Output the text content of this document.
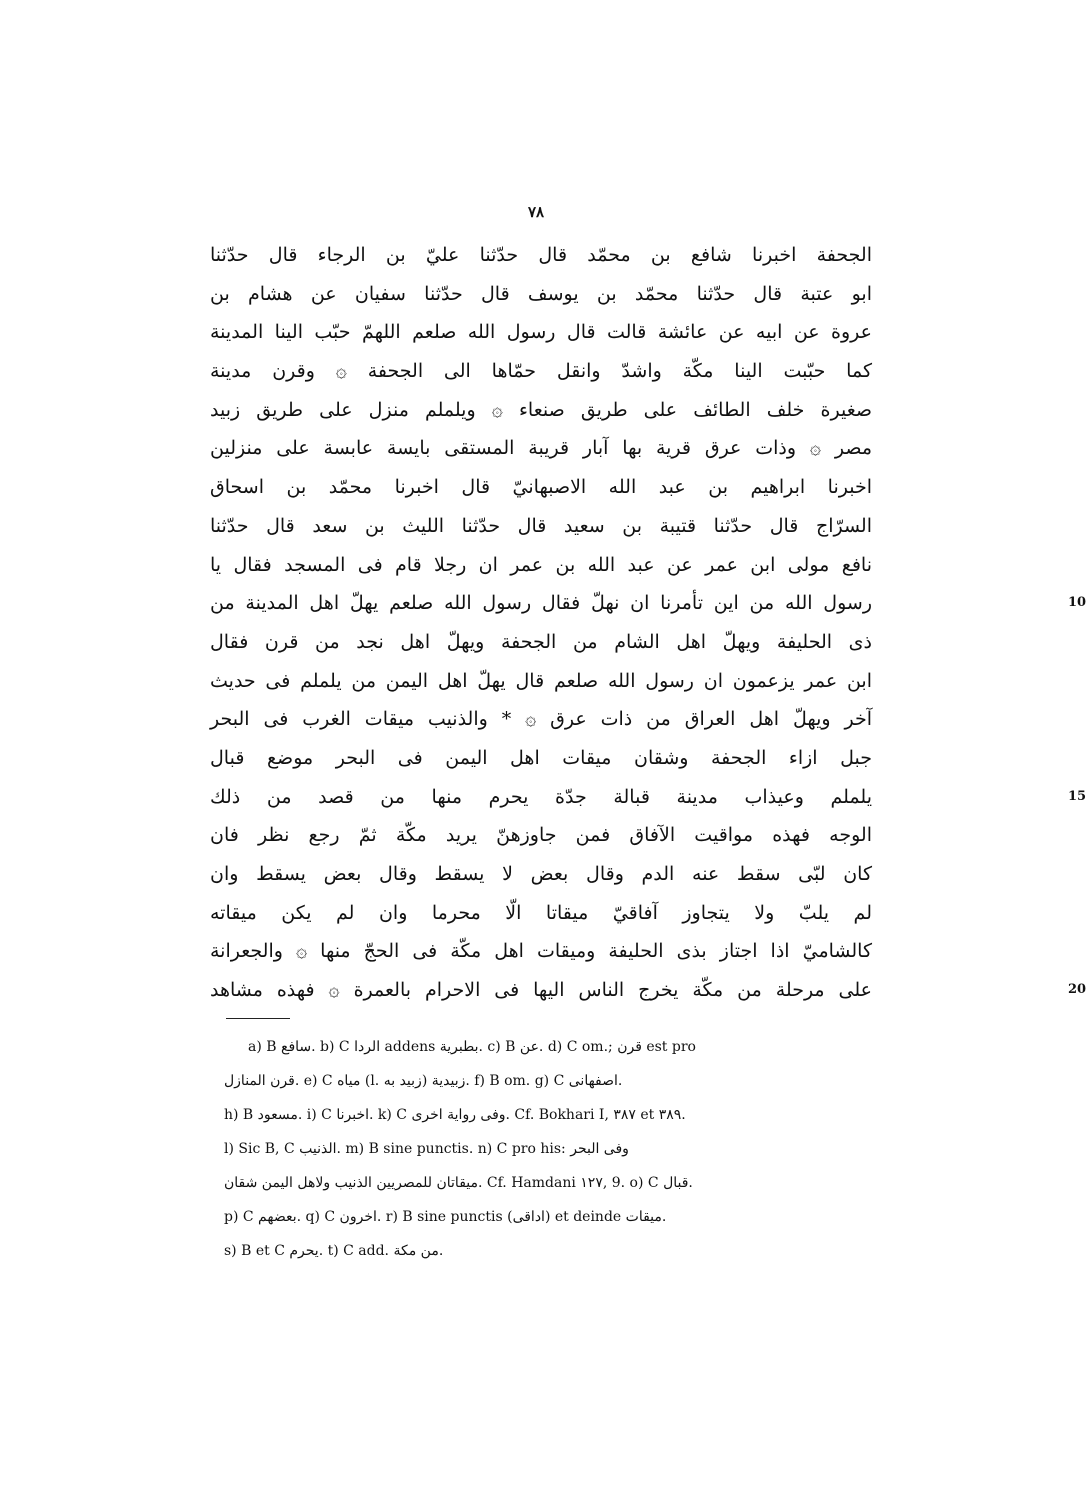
٧٨
الجحفة اخبرنا شافع بن محمّد قال حدّثنا عليّ بن الرجاء قال حدّثنا
ابو عتبة قال حدّثنا محمّد بن يوسف قال حدّثنا سفيان عن هشام بن
عروة عن ابيه عن عائشة قالت قال رسول الله صلعم اللهمّ حبّب الينا المدينة
كما حبّبت الينا مكّة واشدّ وانقل حمّاها الى الجحفة ۞ وقرن مدينة
صغيرة خلف الطائف على طريق صنعاء ۞ ويلملم منزل على طريق زبيد
مصر ۞ وذات عرق قرية بها آبار قريبة المستقى بايسة عابسة على منزلين
اخبرنا ابراهيم بن عبد الله الاصبهانيّ قال اخبرنا محمّد بن اسحاق
السرّاج قال حدّثنا قتيبة بن سعيد قال حدّثنا الليث بن سعد قال حدّثنا
نافع مولى ابن عمر عن عبد الله بن عمر ان رجلا قام فى المسجد فقال يا
رسول الله من اين تأمرنا ان نهلّ فقال رسول الله صلعم يهلّ اهل المدينة من	10
ذى الحليفة ويهلّ اهل الشام من الجحفة ويهلّ اهل نجد من قرن فقال
ابن عمر يزعمون ان رسول الله صلعم قال يهلّ اهل اليمن من يلملم فى حديث
آخر ويهلّ اهل العراق من ذات عرق ۞ * والذنيب ميقات الغرب فى البحر
جبل ازاء الجحفة وشقان ميقات اهل اليمن فى البحر موضع قبال
يلملم وعيذاب مدينة قبالة جدّة يحرم منها من قصد من ذلك	15
الوجه فهذه مواقيت الآفاق فمن جاوزهنّ يريد مكّة ثمّ رجع نظر فان
كان لبّى سقط عنه الدم وقال بعض لا يسقط وقال بعض يسقط وان
لم يلبّ ولا يتجاوز آفاقيّ ميقاتا الّا محرما وان لم يكن ميقاته
كالشاميّ اذا اجتاز بذى الحليفة وميقات اهل مكّة فى الحجّ منها ۞ والجعرانة
على مرحلة من مكّة يخرج الناس اليها فى الاحرام بالعمرة ۞ فهذه مشاهد	20
a) B سافع. b) C الردا addens بطبرية. c) B عن. d) C om.; قرن est pro
قرن المنازل. e) C مياه (l. زبيد به) زبيدية. f) B om. g) C اصفهانى.
h) B مسعود. i) C اخبرنا. k) C وفى رواية اخرى. Cf. Bokhari I, ٣٨٧ et ٣٨٩.
l) Sic B, C الذنيب. m) B sine punctis. n) C pro his: وفى البحر
ميقاتان للمصريين الذنيب ولاهل اليمن شقان. Cf. Hamdani ١٢٧, 9. o) C قبال.
p) C بعضهم. q) C اخرون. r) B sine punctis (اداقى) et deinde ميقات.
s) B et C يحرم. t) C add. من مكة.
